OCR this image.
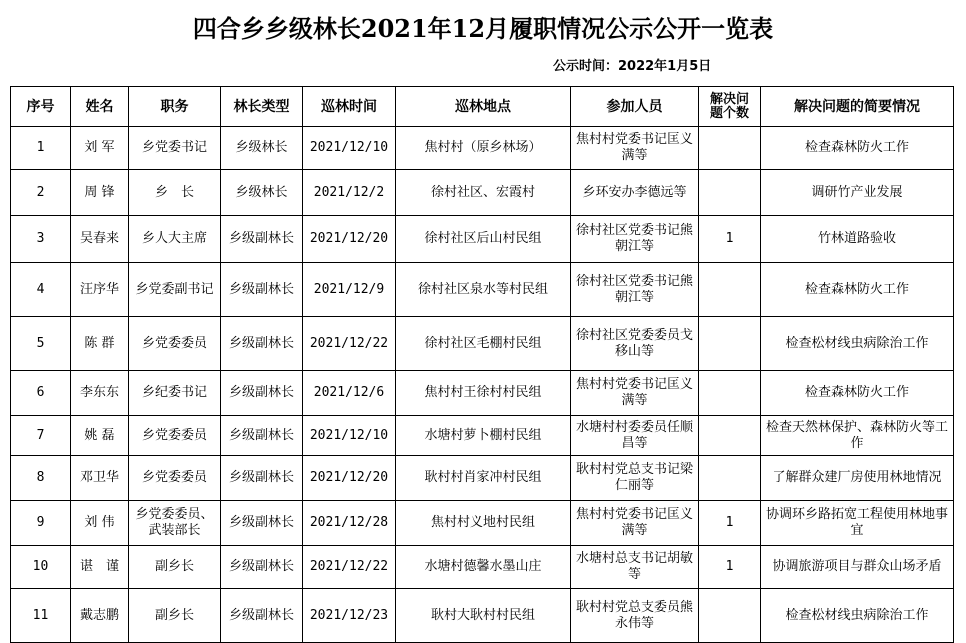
四合乡乡级林长2021年12月履职情况公示公开一览表
公示时间：2022年1月5日
序号	姓名	职务	林长类型	巡林时间	巡林地点	参加人员	解决问题个数	解决问题的简要情况
1	刘 军	乡党委书记	乡级林长	2021/12/10	焦村村（原乡林场）	焦村村党委书记匡义满等		检查森林防火工作
2	周 锋	乡　长	乡级林长	2021/12/2	徐村社区、宏霞村	乡环安办李德远等		调研竹产业发展
3	吴春来	乡人大主席	乡级副林长	2021/12/20	徐村社区后山村民组	徐村社区党委书记熊朝江等	1	竹林道路验收
4	汪序华	乡党委副书记	乡级副林长	2021/12/9	徐村社区泉水等村民组	徐村社区党委书记熊朝江等		检查森林防火工作
5	陈 群	乡党委委员	乡级副林长	2021/12/22	徐村社区毛棚村民组	徐村社区党委委员戈移山等		检查松材线虫病除治工作
6	李东东	乡纪委书记	乡级副林长	2021/12/6	焦村村王徐村村民组	焦村村党委书记匡义满等		检查森林防火工作
7	姚 磊	乡党委委员	乡级副林长	2021/12/10	水塘村萝卜棚村民组	水塘村村委委员任顺昌等		检查天然林保护、森林防火等工作
8	邓卫华	乡党委委员	乡级副林长	2021/12/20	耿村村肖家冲村民组	耿村村党总支书记梁仁丽等		了解群众建厂房使用林地情况
9	刘 伟	乡党委委员、武装部长	乡级副林长	2021/12/28	焦村村义地村民组	焦村村党委书记匡义满等	1	协调环乡路拓宽工程使用林地事宜
10	谌　谨	副乡长	乡级副林长	2021/12/22	水塘村德馨水墨山庄	水塘村总支书记胡敏等	1	协调旅游项目与群众山场矛盾
11	戴志鹏	副乡长	乡级副林长	2021/12/23	耿村大耿村村民组	耿村村党总支委员熊永伟等		检查松材线虫病除治工作
